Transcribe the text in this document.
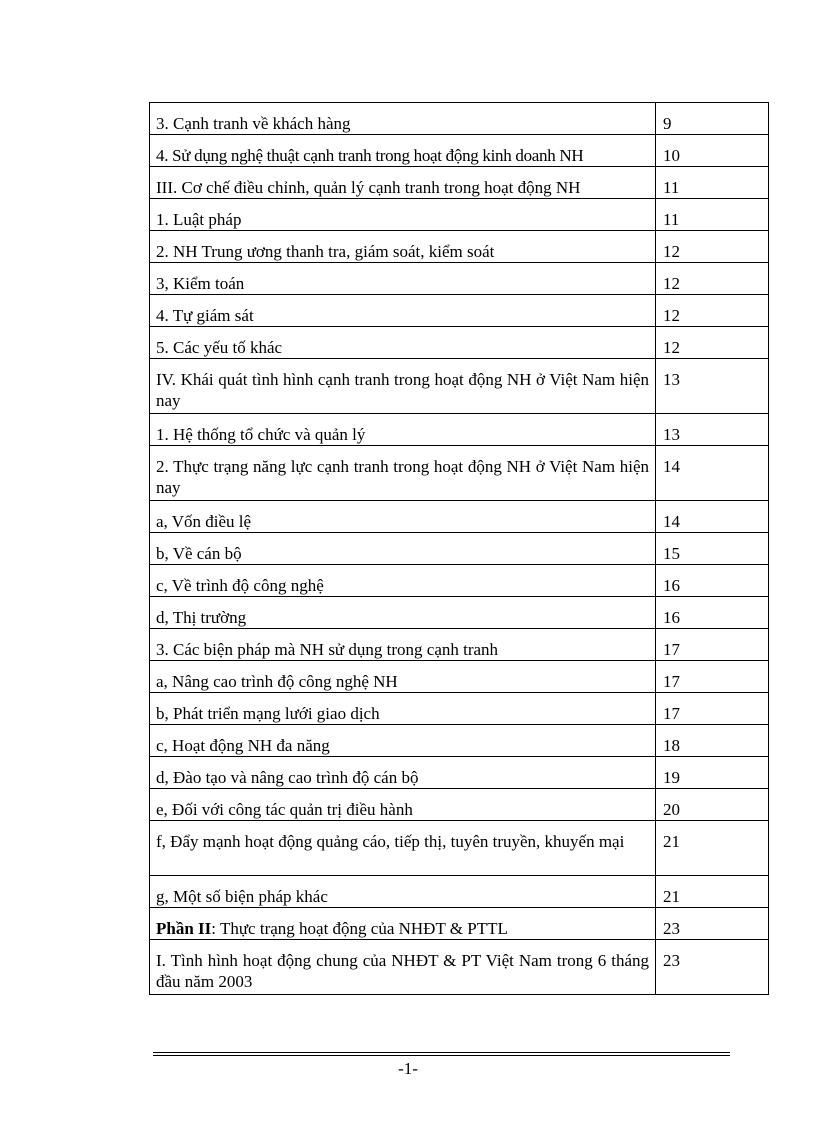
3. Cạnh tranh về khách hàng	9
4. Sử dụng nghệ thuật cạnh tranh trong hoạt động kinh doanh NH	10
III. Cơ chế điều chỉnh, quản lý cạnh tranh trong hoạt động NH	11
1. Luật pháp	11
2. NH Trung ương thanh tra, giám soát, kiểm soát	12
3, Kiểm toán	12
4. Tự giám sát	12
5. Các yếu tố khác	12
IV. Khái quát tình hình cạnh tranh trong hoạt động NH ở Việt Nam hiện nay	13
1. Hệ thống tổ chức và quản lý	13
2. Thực trạng năng lực cạnh tranh trong hoạt động NH ở Việt Nam hiện nay	14
a, Vốn điều lệ	14
b, Về cán bộ	15
c, Về trình độ công nghệ	16
d, Thị trường	16
3. Các biện pháp mà NH sử dụng trong cạnh tranh	17
a, Nâng cao trình độ công nghệ NH	17
b, Phát triển mạng lưới giao dịch	17
c, Hoạt động NH đa năng	18
d, Đào tạo và nâng cao trình độ cán bộ	19
e, Đối với công tác quản trị điều hành	20
f, Đẩy mạnh hoạt động quảng cáo, tiếp thị, tuyên truyền, khuyến mại	21
g, Một số biện pháp khác	21
Phần II: Thực trạng hoạt động của NHĐT & PTTL	23
I. Tình hình hoạt động chung của NHĐT & PT Việt Nam trong 6 tháng đầu năm 2003	23
-1-
